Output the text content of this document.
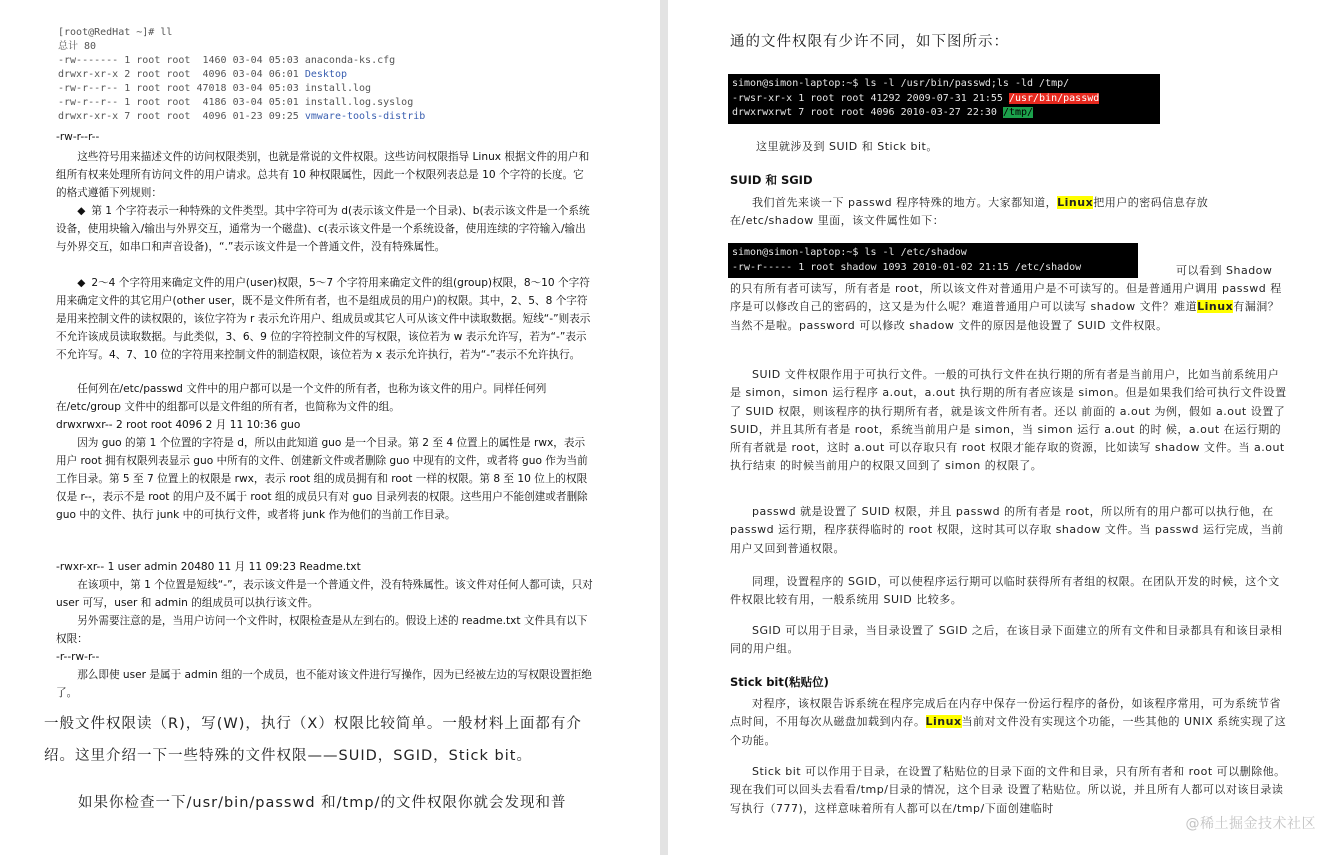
[root@RedHat ~]# ll
总计 80
-rw------- 1 root root  1460 03-04 05:03 anaconda-ks.cfg
drwxr-xr-x 2 root root  4096 03-04 06:01 Desktop
-rw-r--r-- 1 root root 47018 03-04 05:03 install.log
-rw-r--r-- 1 root root  4186 03-04 05:01 install.log.syslog
drwxr-xr-x 7 root root  4096 01-23 09:25 vmware-tools-distrib

-rw-r--r--

这些符号用来描述文件的访问权限类别，也就是常说的文件权限。这些访问权限指导 Linux 根据文件的用户和组所有权来处理所有访问文件的用户请求。总共有 10 种权限属性，因此一个权限列表总是 10 个字符的长度。它的格式遵循下列规则：

◆ 第 1 个字符表示一种特殊的文件类型。其中字符可为 d(表示该文件是一个目录)、b(表示该文件是一个系统设备，使用块输入/输出与外界交互，通常为一个磁盘)、c(表示该文件是一个系统设备，使用连续的字符输入/输出与外界交互，如串口和声音设备)，“.”表示该文件是一个普通文件，没有特殊属性。

◆ 2～4 个字符用来确定文件的用户(user)权限，5～7 个字符用来确定文件的组(group)权限，8～10 个字符用来确定文件的其它用户(other user，既不是文件所有者，也不是组成员的用户)的权限。其中，2、5、8 个字符是用来控制文件的读权限的，该位字符为 r 表示允许用户、组成员或其它人可从该文件中读取数据。短线“-”则表示不允许该成员读取数据。与此类似，3、6、9 位的字符控制文件的写权限，该位若为 w 表示允许写，若为“-”表示不允许写。4、7、10 位的字符用来控制文件的制造权限，该位若为 x 表示允许执行，若为“-”表示不允许执行。

任何列在/etc/passwd 文件中的用户都可以是一个文件的所有者，也称为该文件的用户。同样任何列在/etc/group 文件中的组都可以是文件组的所有者，也简称为文件的组。

drwxrwxr-- 2 root root 4096 2 月 11 10:36 guo

因为 guo 的第 1 个位置的字符是 d，所以由此知道 guo 是一个目录。第 2 至 4 位置上的属性是 rwx，表示用户 root 拥有权限列表显示 guo 中所有的文件、创建新文件或者删除 guo 中现有的文件，或者将 guo 作为当前工作目录。第 5 至 7 位置上的权限是 rwx，表示 root 组的成员拥有和 root 一样的权限。第 8 至 10 位上的权限仅是 r--，表示不是 root 的用户及不属于 root 组的成员只有对 guo 目录列表的权限。这些用户不能创建或者删除 guo 中的文件、执行 junk 中的可执行文件，或者将 junk 作为他们的当前工作目录。

-rwxr-xr-- 1 user admin 20480 11 月 11 09:23 Readme.txt

在该项中，第 1 个位置是短线“-”，表示该文件是一个普通文件，没有特殊属性。该文件对任何人都可读，只对 user 可写，user 和 admin 的组成员可以执行该文件。

另外需要注意的是，当用户访问一个文件时，权限检查是从左到右的。假设上述的 readme.txt 文件具有以下权限：

-r--rw-r--

那么即使 user 是属于 admin 组的一个成员，也不能对该文件进行写操作，因为已经被左边的写权限设置拒绝了。

一般文件权限读（R)，写(W)，执行（X）权限比较简单。一般材料上面都有介绍。这里介绍一下一些特殊的文件权限——SUID，SGID，Stick bit。

如果你检查一下/usr/bin/passwd 和/tmp/的文件权限你就会发现和普

通的文件权限有少许不同，如下图所示：

simon@simon-laptop:~$ ls -l /usr/bin/passwd;ls -ld /tmp/
-rwsr-xr-x 1 root root 41292 2009-07-31 21:55 /usr/bin/passwd
drwxrwxrwt 7 root root 4096 2010-03-27 22:30 /tmp/

这里就涉及到 SUID 和 Stick bit。

SUID 和 SGID

我们首先来谈一下 passwd 程序特殊的地方。大家都知道，Linux把用户的密码信息存放在/etc/shadow 里面，该文件属性如下：

simon@simon-laptop:~$ ls -l /etc/shadow
-rw-r----- 1 root shadow 1093 2010-01-02 21:15 /etc/shadow	可以看到 Shadow

的只有所有者可读写，所有者是 root，所以该文件对普通用户是不可读写的。但是普通用户调用 passwd 程序是可以修改自己的密码的，这又是为什么呢？难道普通用户可以读写 shadow 文件？难道Linux有漏洞？当然不是啦。password 可以修改 shadow 文件的原因是他设置了 SUID 文件权限。

SUID 文件权限作用于可执行文件。一般的可执行文件在执行期的所有者是当前用户，比如当前系统用户是 simon，simon 运行程序 a.out，a.out 执行期的所有者应该是 simon。但是如果我们给可执行文件设置了 SUID 权限，则该程序的执行期所有者，就是该文件所有者。还以 前面的 a.out 为例，假如 a.out 设置了 SUID，并且其所有者是 root，系统当前用户是 simon，当 simon 运行 a.out 的时 候，a.out 在运行期的所有者就是 root，这时 a.out 可以存取只有 root 权限才能存取的资源，比如读写 shadow 文件。当 a.out 执行结束 的时候当前用户的权限又回到了 simon 的权限了。

passwd 就是设置了 SUID 权限，并且 passwd 的所有者是 root，所以所有的用户都可以执行他，在 passwd 运行期，程序获得临时的 root 权限，这时其可以存取 shadow 文件。当 passwd 运行完成，当前用户又回到普通权限。

同理，设置程序的 SGID，可以使程序运行期可以临时获得所有者组的权限。在团队开发的时候，这个文件权限比较有用，一般系统用 SUID 比较多。

SGID 可以用于目录，当目录设置了 SGID 之后，在该目录下面建立的所有文件和目录都具有和该目录相同的用户组。

Stick bit(粘贴位)

对程序，该权限告诉系统在程序完成后在内存中保存一份运行程序的备份，如该程序常用，可为系统节省点时间，不用每次从磁盘加载到内存。Linux当前对文件没有实现这个功能，一些其他的 UNIX 系统实现了这个功能。

Stick bit 可以作用于目录，在设置了粘贴位的目录下面的文件和目录，只有所有者和 root 可以删除他。现在我们可以回头去看看/tmp/目录的情况，这个目录 设置了粘贴位。所以说，并且所有人都可以对该目录读写执行（777)，这样意味着所有人都可以在/tmp/下面创建临时

@稀土掘金技术社区
